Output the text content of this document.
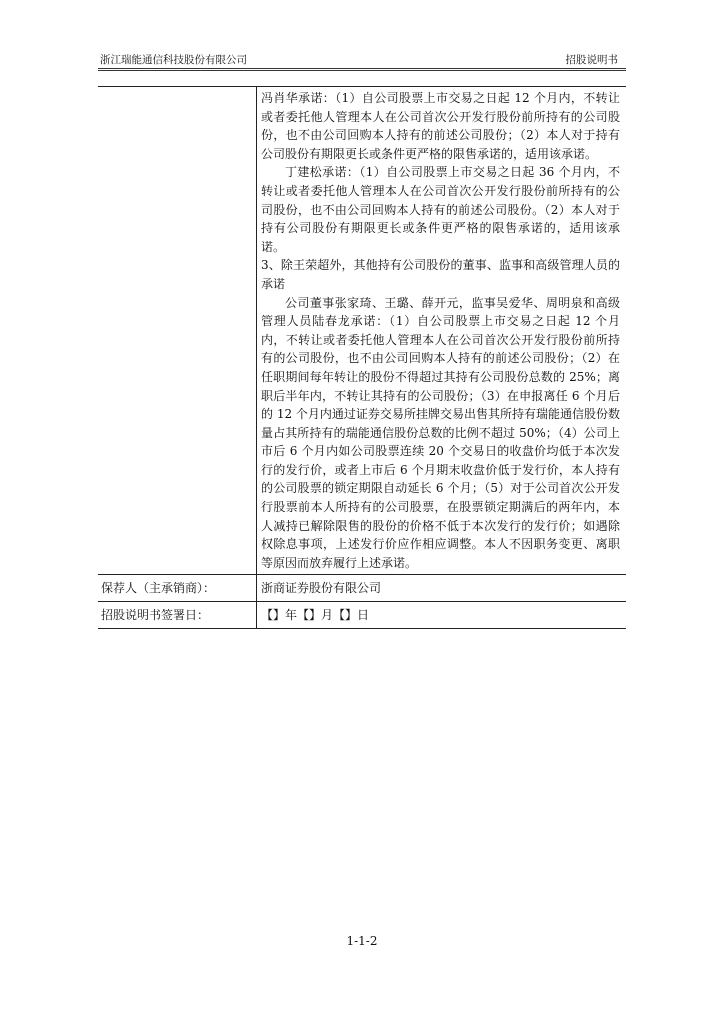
浙江瑞能通信科技股份有限公司	招股说明书

冯肖华承诺：（1）自公司股票上市交易之日起 12 个月内，不转让或者委托他人管理本人在公司首次公开发行股份前所持有的公司股份，也不由公司回购本人持有的前述公司股份；（2）本人对于持有公司股份有期限更长或条件更严格的限售承诺的，适用该承诺。

丁建松承诺：（1）自公司股票上市交易之日起 36 个月内，不转让或者委托他人管理本人在公司首次公开发行股份前所持有的公司股份，也不由公司回购本人持有的前述公司股份。（2）本人对于持有公司股份有期限更长或条件更严格的限售承诺的，适用该承诺。

3、除王荣超外，其他持有公司股份的董事、监事和高级管理人员的承诺

公司董事张家琦、王璐、薛开元，监事吴爱华、周明泉和高级管理人员陆春龙承诺：（1）自公司股票上市交易之日起 12 个月内，不转让或者委托他人管理本人在公司首次公开发行股份前所持有的公司股份，也不由公司回购本人持有的前述公司股份；（2）在任职期间每年转让的股份不得超过其持有公司股份总数的 25%；离职后半年内，不转让其持有的公司股份；（3）在申报离任 6 个月后的 12 个月内通过证券交易所挂牌交易出售其所持有瑞能通信股份数量占其所持有的瑞能通信股份总数的比例不超过 50%；（4）公司上市后 6 个月内如公司股票连续 20 个交易日的收盘价均低于本次发行的发行价，或者上市后 6 个月期末收盘价低于发行价，本人持有的公司股票的锁定期限自动延长 6 个月；（5）对于公司首次公开发行股票前本人所持有的公司股票，在股票锁定期满后的两年内，本人减持已解除限售的股份的价格不低于本次发行的发行价；如遇除权除息事项，上述发行价应作相应调整。本人不因职务变更、离职等原因而放弃履行上述承诺。

保荐人（主承销商）：	浙商证券股份有限公司
招股说明书签署日：	【】年【】月【】日
1-1-2
